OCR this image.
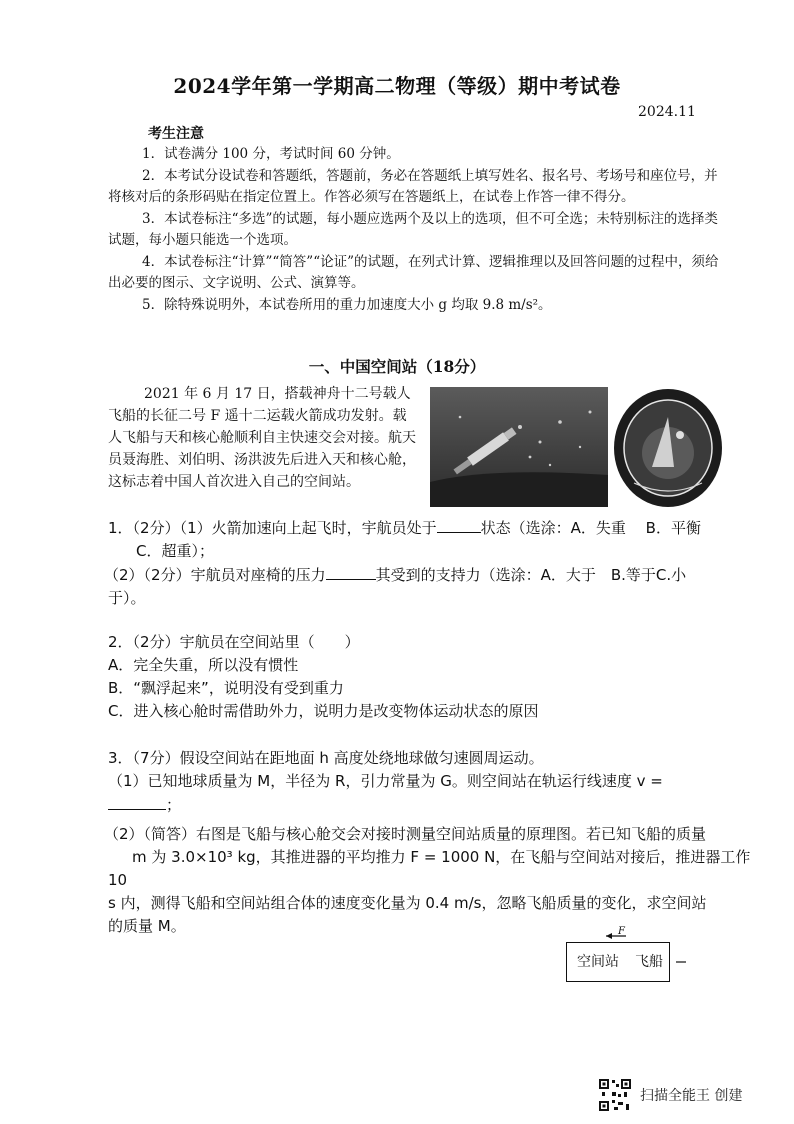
2024学年第一学期高二物理（等级）期中考试卷
2024.11
考生注意

1．试卷满分 100 分，考试时间 60 分钟。

2．本考试分设试卷和答题纸，答题前，务必在答题纸上填写姓名、报名号、考场号和座位号，并将核对后的条形码贴在指定位置上。作答必须写在答题纸上，在试卷上作答一律不得分。

3．本试卷标注“多选”的试题，每小题应选两个及以上的选项，但不可全选；未特别标注的选择类试题，每小题只能选一个选项。

4．本试卷标注“计算”“简答”“论证”的试题，在列式计算、逻辑推理以及回答问题的过程中，须给出必要的图示、文字说明、公式、演算等。

5．除特殊说明外，本试卷所用的重力加速度大小 g 均取 9.8 m/s²。

一、中国空间站（18分）

2021 年 6 月 17 日，搭载神舟十二号载人飞船的长征二号 F 遥十二运载火箭成功发射。载人飞船与天和核心舱顺利自主快速交会对接。航天员聂海胜、刘伯明、汤洪波先后进入天和核心舱，这标志着中国人首次进入自己的空间站。

1．（2分）（1）火箭加速向上起飞时，宇航员处于	状态（选涂：A．失重　 B．平衡

C．超重）；

（2）（2分）宇航员对座椅的压力	其受到的支持力（选涂：A．大于　B.等于C.小

于）。

2．（2分）宇航员在空间站里（　　）

A．完全失重，所以没有惯性

B．“飘浮起来”，说明没有受到重力

C．进入核心舱时需借助外力，说明力是改变物体运动状态的原因

3．（7分）假设空间站在距地面 h 高度处绕地球做匀速圆周运动。

（1）已知地球质量为 M，半径为 R，引力常量为 G。则空间站在轨运行线速度 v =

；

（2）（简答）右图是飞船与核心舱交会对接时测量空间站质量的原理图。若已知飞船的质量

m 为 3.0×10³ kg，其推进器的平均推力 F = 1000 N，在飞船与空间站对接后，推进器工作 10

s 内，测得飞船和空间站组合体的速度变化量为 0.4 m/s，忽略飞船质量的变化，求空间站

的质量 M。

空间站	飞船
F
扫描全能王 创建
